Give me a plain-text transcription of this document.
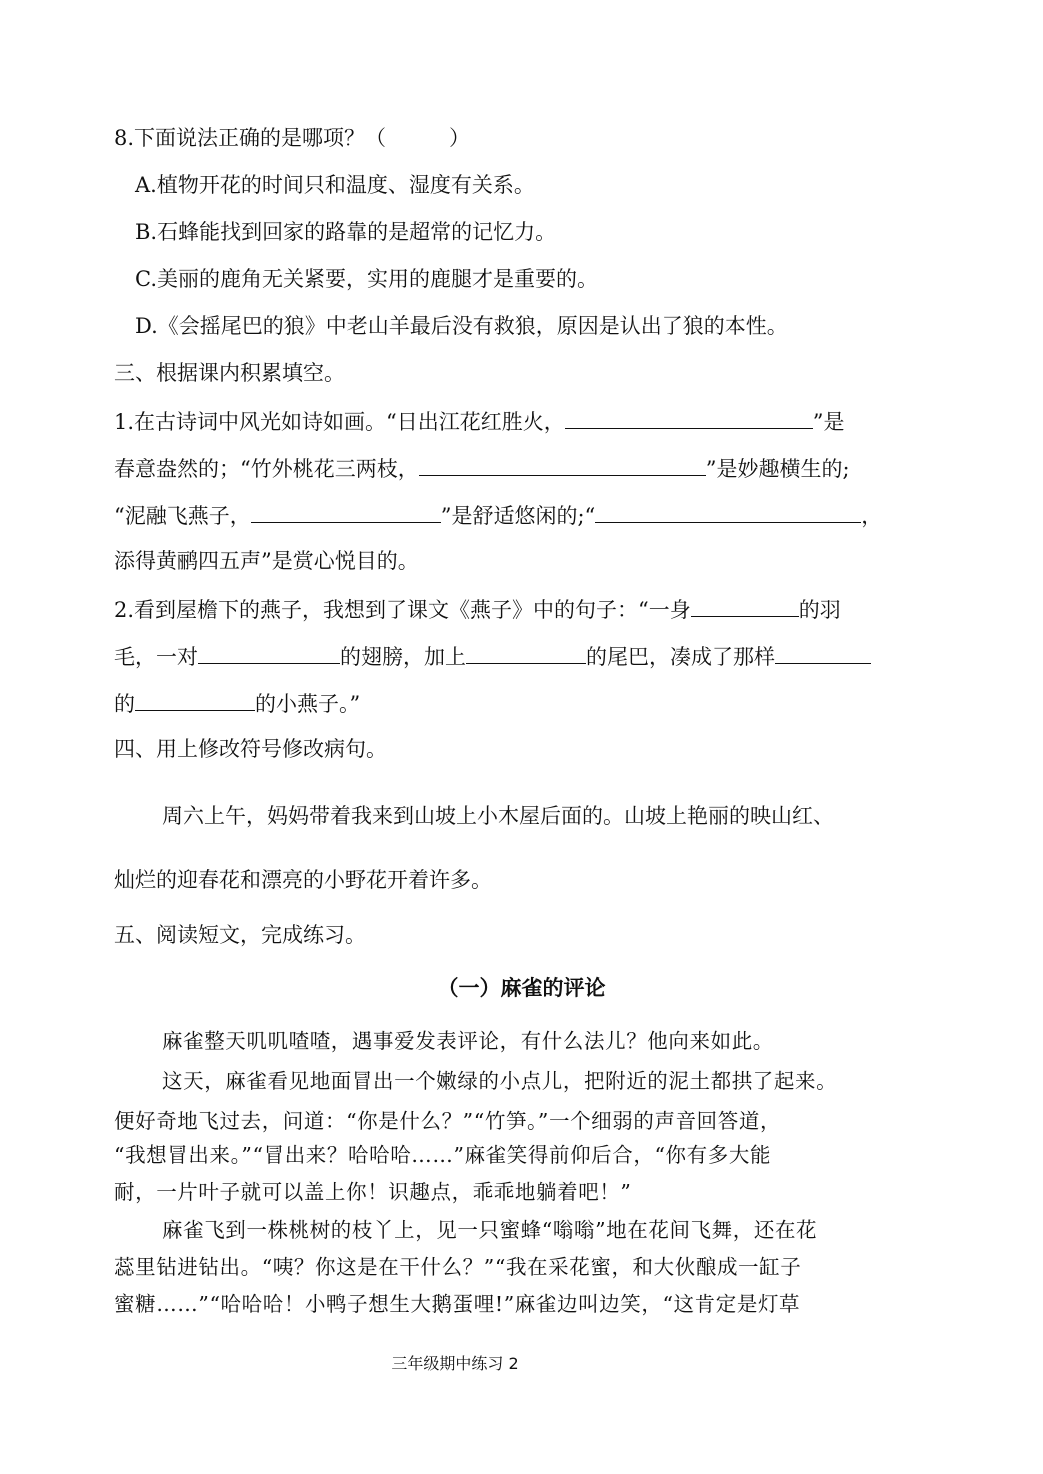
8.下面说法正确的是哪项？（　　　）
A.植物开花的时间只和温度、湿度有关系。
B.石蜂能找到回家的路靠的是超常的记忆力。
C.美丽的鹿角无关紧要，实用的鹿腿才是重要的。
D.《会摇尾巴的狼》中老山羊最后没有救狼，原因是认出了狼的本性。
三、根据课内积累填空。
1.在古诗词中风光如诗如画。“日出江花红胜火，	”是
春意盎然的；“竹外桃花三两枝，	”是妙趣横生的;
“泥融飞燕子，	”是舒适悠闲的;“	，
添得黄鹂四五声”是赏心悦目的。
2.看到屋檐下的燕子，我想到了课文《燕子》中的句子：“一身	的羽
毛，一对	的翅膀，加上	的尾巴，凑成了那样
的	的小燕子。”
四、用上修改符号修改病句。
周六上午，妈妈带着我来到山坡上小木屋后面的。山坡上艳丽的映山红、
灿烂的迎春花和漂亮的小野花开着许多。
五、阅读短文，完成练习。
（一）麻雀的评论
麻雀整天叽叽喳喳，遇事爱发表评论，有什么法儿？他向来如此。
这天，麻雀看见地面冒出一个嫩绿的小点儿，把附近的泥土都拱了起来。
便好奇地飞过去，问道：“你是什么？”“竹笋。”一个细弱的声音回答道，
“我想冒出来。”“冒出来？哈哈哈……”麻雀笑得前仰后合，“你有多大能
耐，一片叶子就可以盖上你！识趣点，乖乖地躺着吧！”
麻雀飞到一株桃树的枝丫上，见一只蜜蜂“嗡嗡”地在花间飞舞，还在花
蕊里钻进钻出。“咦？你这是在干什么？”“我在采花蜜，和大伙酿成一缸子
蜜糖……”“哈哈哈！小鸭子想生大鹅蛋哩!”麻雀边叫边笑，“这肯定是灯草
三年级期中练习 2
